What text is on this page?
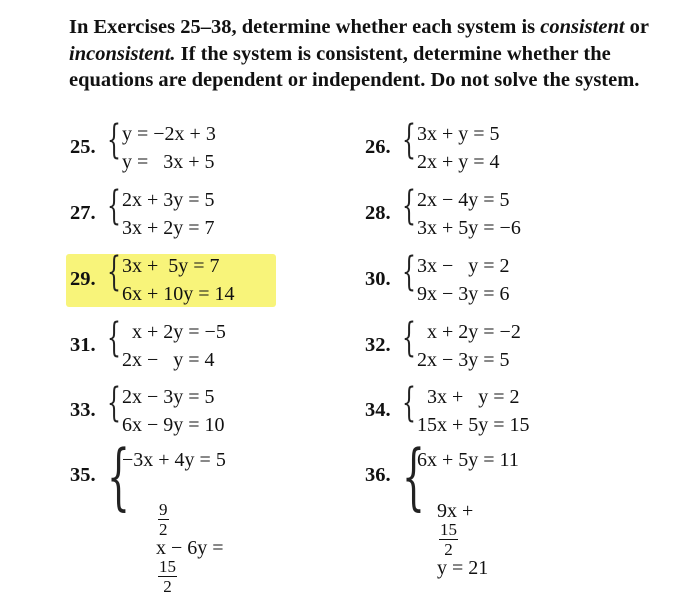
In Exercises 25–38, determine whether each system is consistent or inconsistent. If the system is consistent, determine whether the equations are dependent or independent. Do not solve the system.
25. { y = −2x + 3
y =   3x + 5
26. { 3x + y = 5
2x + y = 4
27. { 2x + 3y = 5
3x + 2y = 7
28. { 2x − 4y = 5
3x + 5y = −6
29. { 3x +  5y = 7
6x + 10y = 14
30. { 3x −   y = 2
9x − 3y = 6
31. { x + 2y = −5
2x −   y = 4
32. { x + 2y = −2
2x − 3y = 5
33. { 2x − 3y = 5
6x − 9y = 10
34. { 3x +   y = 2
15x + 5y = 15
35. {
−3x + 4y = 5

$\frac{9}{2}$

x − 6y =

$\frac{15}{2}$

36. {
6x + 5y = 11

9x +

$\frac{15}{2}$

y = 21
